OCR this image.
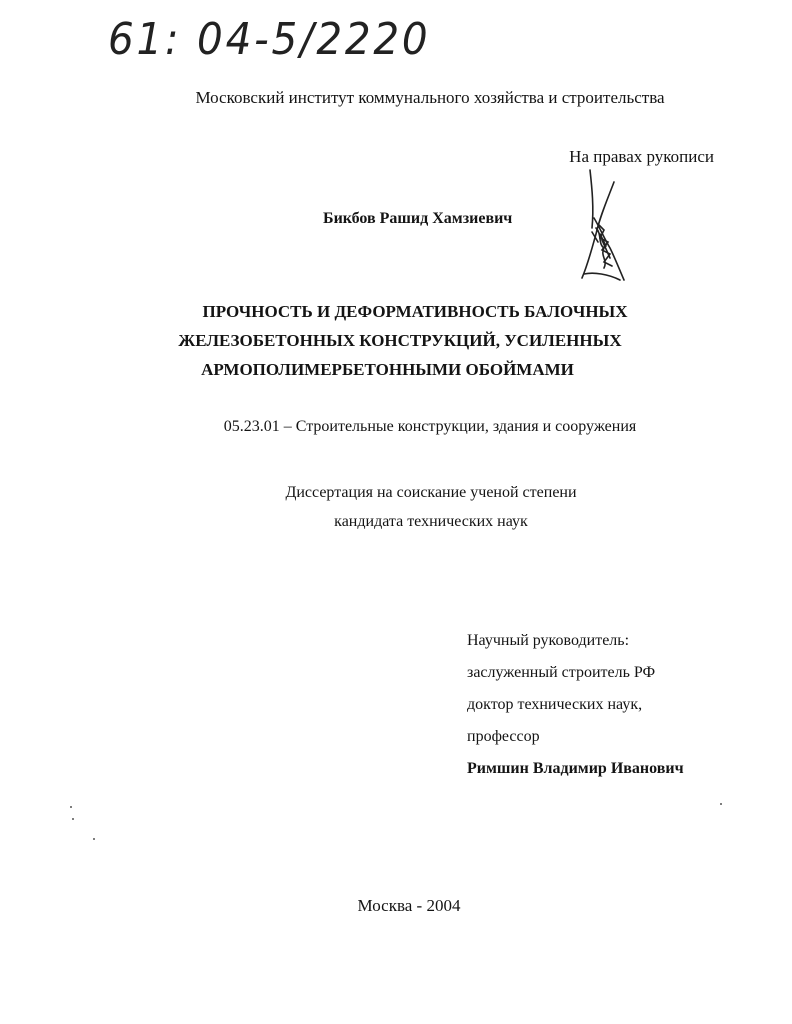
61: 04-5/2220
Московский институт коммунального хозяйства и строительства
На правах рукописи
Бикбов Рашид Хамзиевич
ПРОЧНОСТЬ И ДЕФОРМАТИВНОСТЬ БАЛОЧНЫХ
ЖЕЛЕЗОБЕТОННЫХ КОНСТРУКЦИЙ, УСИЛЕННЫХ
АРМОПОЛИМЕРБЕТОННЫМИ ОБОЙМАМИ
05.23.01 – Строительные конструкции, здания и сооружения
Диссертация на соискание ученой степени
кандидата технических наук
Научный руководитель:
заслуженный строитель РФ
доктор технических наук,
профессор
Римшин Владимир Иванович
Москва - 2004
